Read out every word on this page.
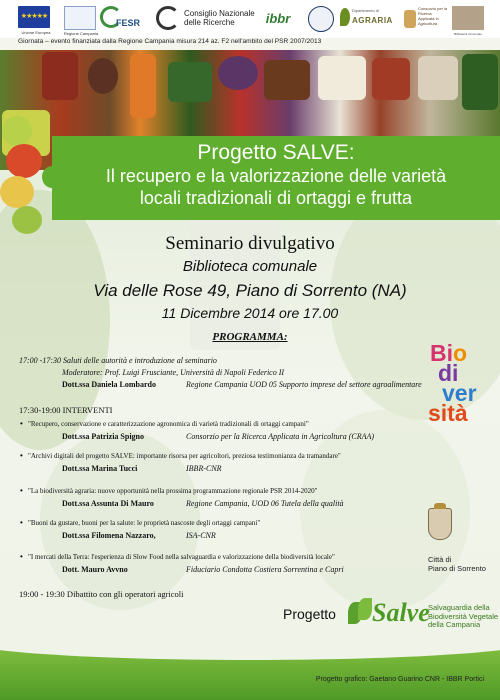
★★★★★
Unione Europea	Regione Campania
FESR
Consiglio Nazionale
delle Ricerche	ibbr
Dipartimento di
AGRARIA
Consorzio per la Ricerca Applicata in Agricoltura
Biblioteca Comunale
Giornata – evento finanziata dalla Regione Campania misura 214 az. F2 nell'ambito del PSR 2007/2013
Progetto SALVE:
Il recupero e la valorizzazione delle varietà
locali tradizionali di ortaggi e frutta
Seminario divulgativo
Biblioteca comunale
Via delle Rose 49, Piano di Sorrento (NA)
11 Dicembre 2014 ore 17.00
PROGRAMMA:
17:00 -17:30 Saluti delle autorità e introduzione al seminario
Moderatore: Prof. Luigi Frusciante, Università di Napoli Federico II
Dott.ssa Daniela Lombardo	Regione Campania UOD 05 Supporto imprese del settore agroalimentare
17:30-19:00 INTERVENTI
• "Recupero, conservazione e caratterizzazione agronomica di varietà tradizionali di ortaggi campani"
Dott.ssa Patrizia Spigno	Consorzio per la Ricerca Applicata in Agricoltura (CRAA)
• "Archivi digitali del progetto SALVE: importante risorsa per agricoltori, preziosa testimonianza da tramandare"
Dott.ssa Marina Tucci	IBBR-CNR
• "La biodiversità agraria: nuove opportunità nella prossima programmazione regionale PSR 2014-2020"
Dott.ssa Assunta Di Mauro	Regione Campania, UOD 06 Tutela della qualità
• "Buoni da gustare, buoni per la salute: le proprietà nascoste degli ortaggi campani"
Dott.ssa Filomena Nazzaro,	ISA-CNR
• "I mercati della Terra: l'esperienza di Slow Food nella salvaguardia e valorizzazione della biodiversità locale"
Dott. Mauro Avvno	Fiduciario Condotta Costiera Sorrentina e Capri
19:00 - 19:30 Dibattito con gli operatori agricoli
Bio
di
ver
sità
Città di
Piano di Sorrento
Progetto Salve
Salvaguardia della
Biodiversità Vegetale
della Campania
Progetto grafico: Gaetano Guarino CNR - IBBR Portici
